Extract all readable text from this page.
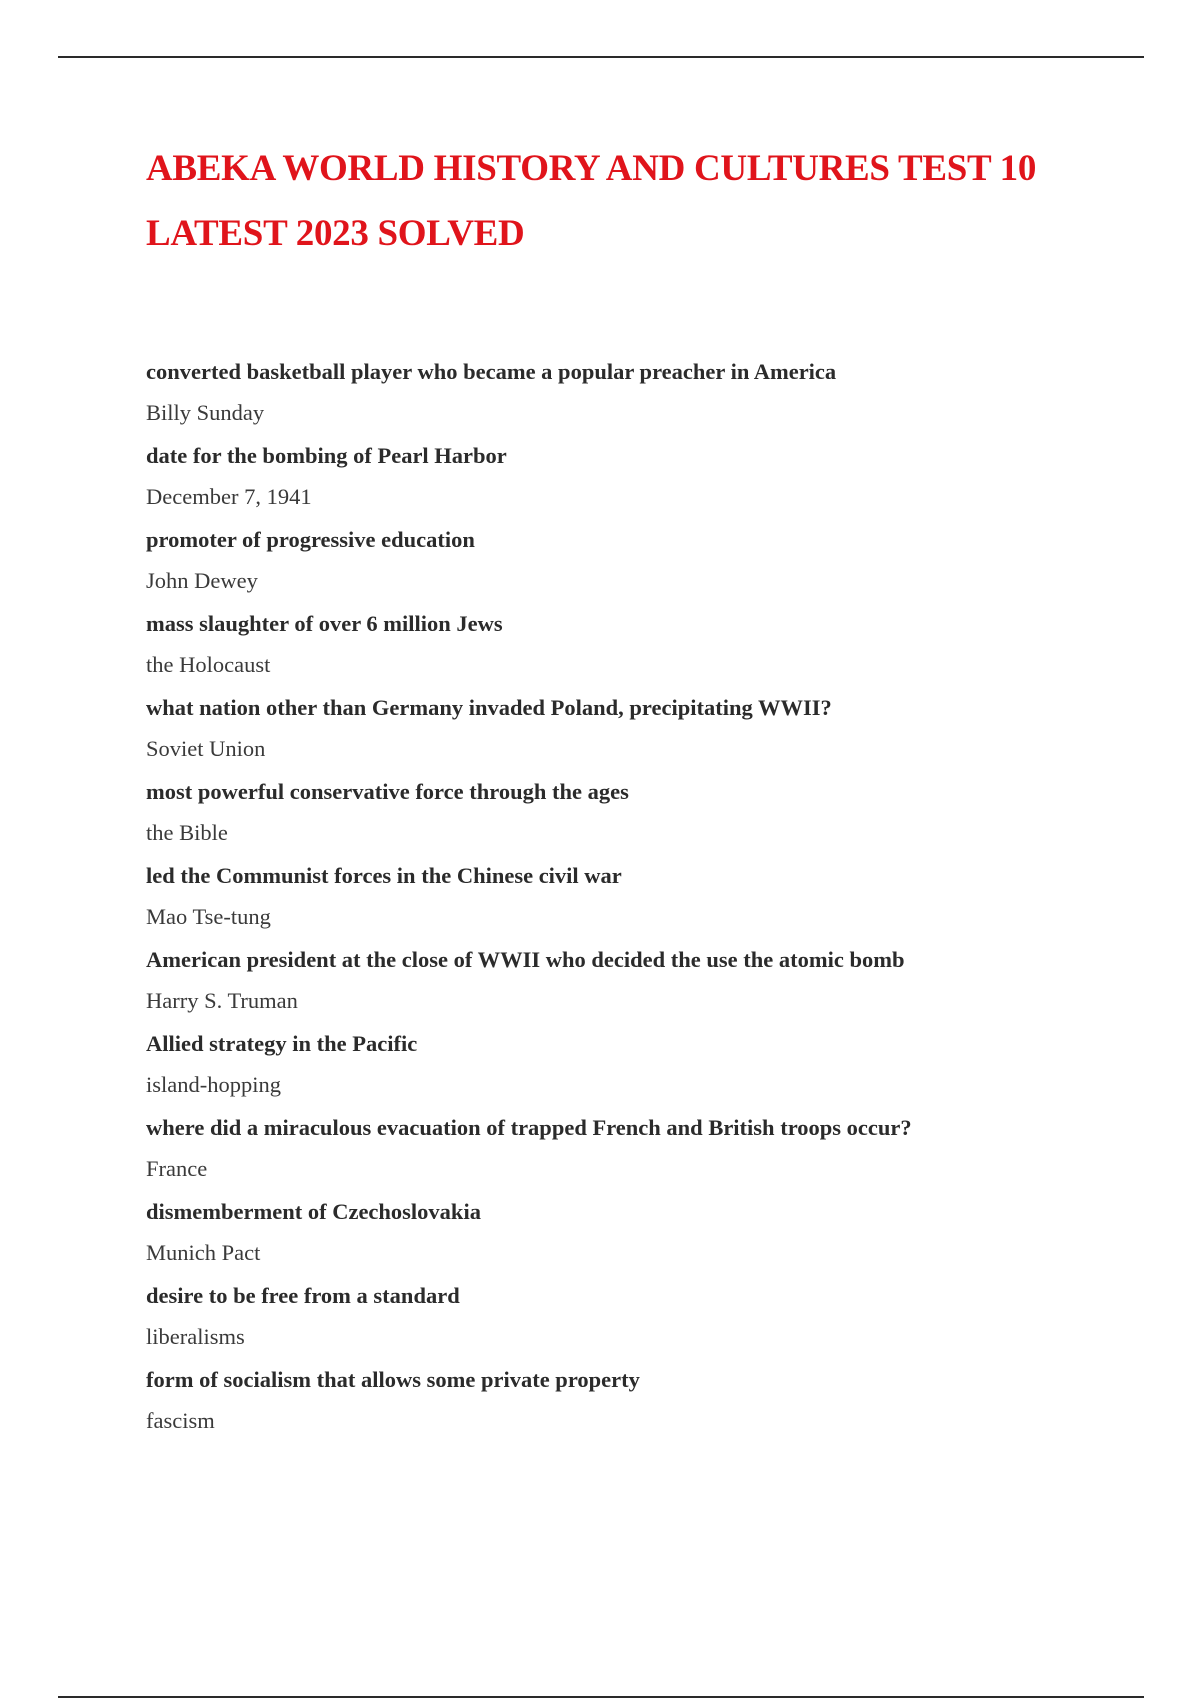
ABEKA WORLD HISTORY AND CULTURES TEST 10 LATEST 2023 SOLVED
converted basketball player who became a popular preacher in America
Billy Sunday
date for the bombing of Pearl Harbor
December 7, 1941
promoter of progressive education
John Dewey
mass slaughter of over 6 million Jews
the Holocaust
what nation other than Germany invaded Poland, precipitating WWII?
Soviet Union
most powerful conservative force through the ages
the Bible
led the Communist forces in the Chinese civil war
Mao Tse-tung
American president at the close of WWII who decided the use the atomic bomb
Harry S. Truman
Allied strategy in the Pacific
island-hopping
where did a miraculous evacuation of trapped French and British troops occur?
France
dismemberment of Czechoslovakia
Munich Pact
desire to be free from a standard
liberalisms
form of socialism that allows some private property
fascism
